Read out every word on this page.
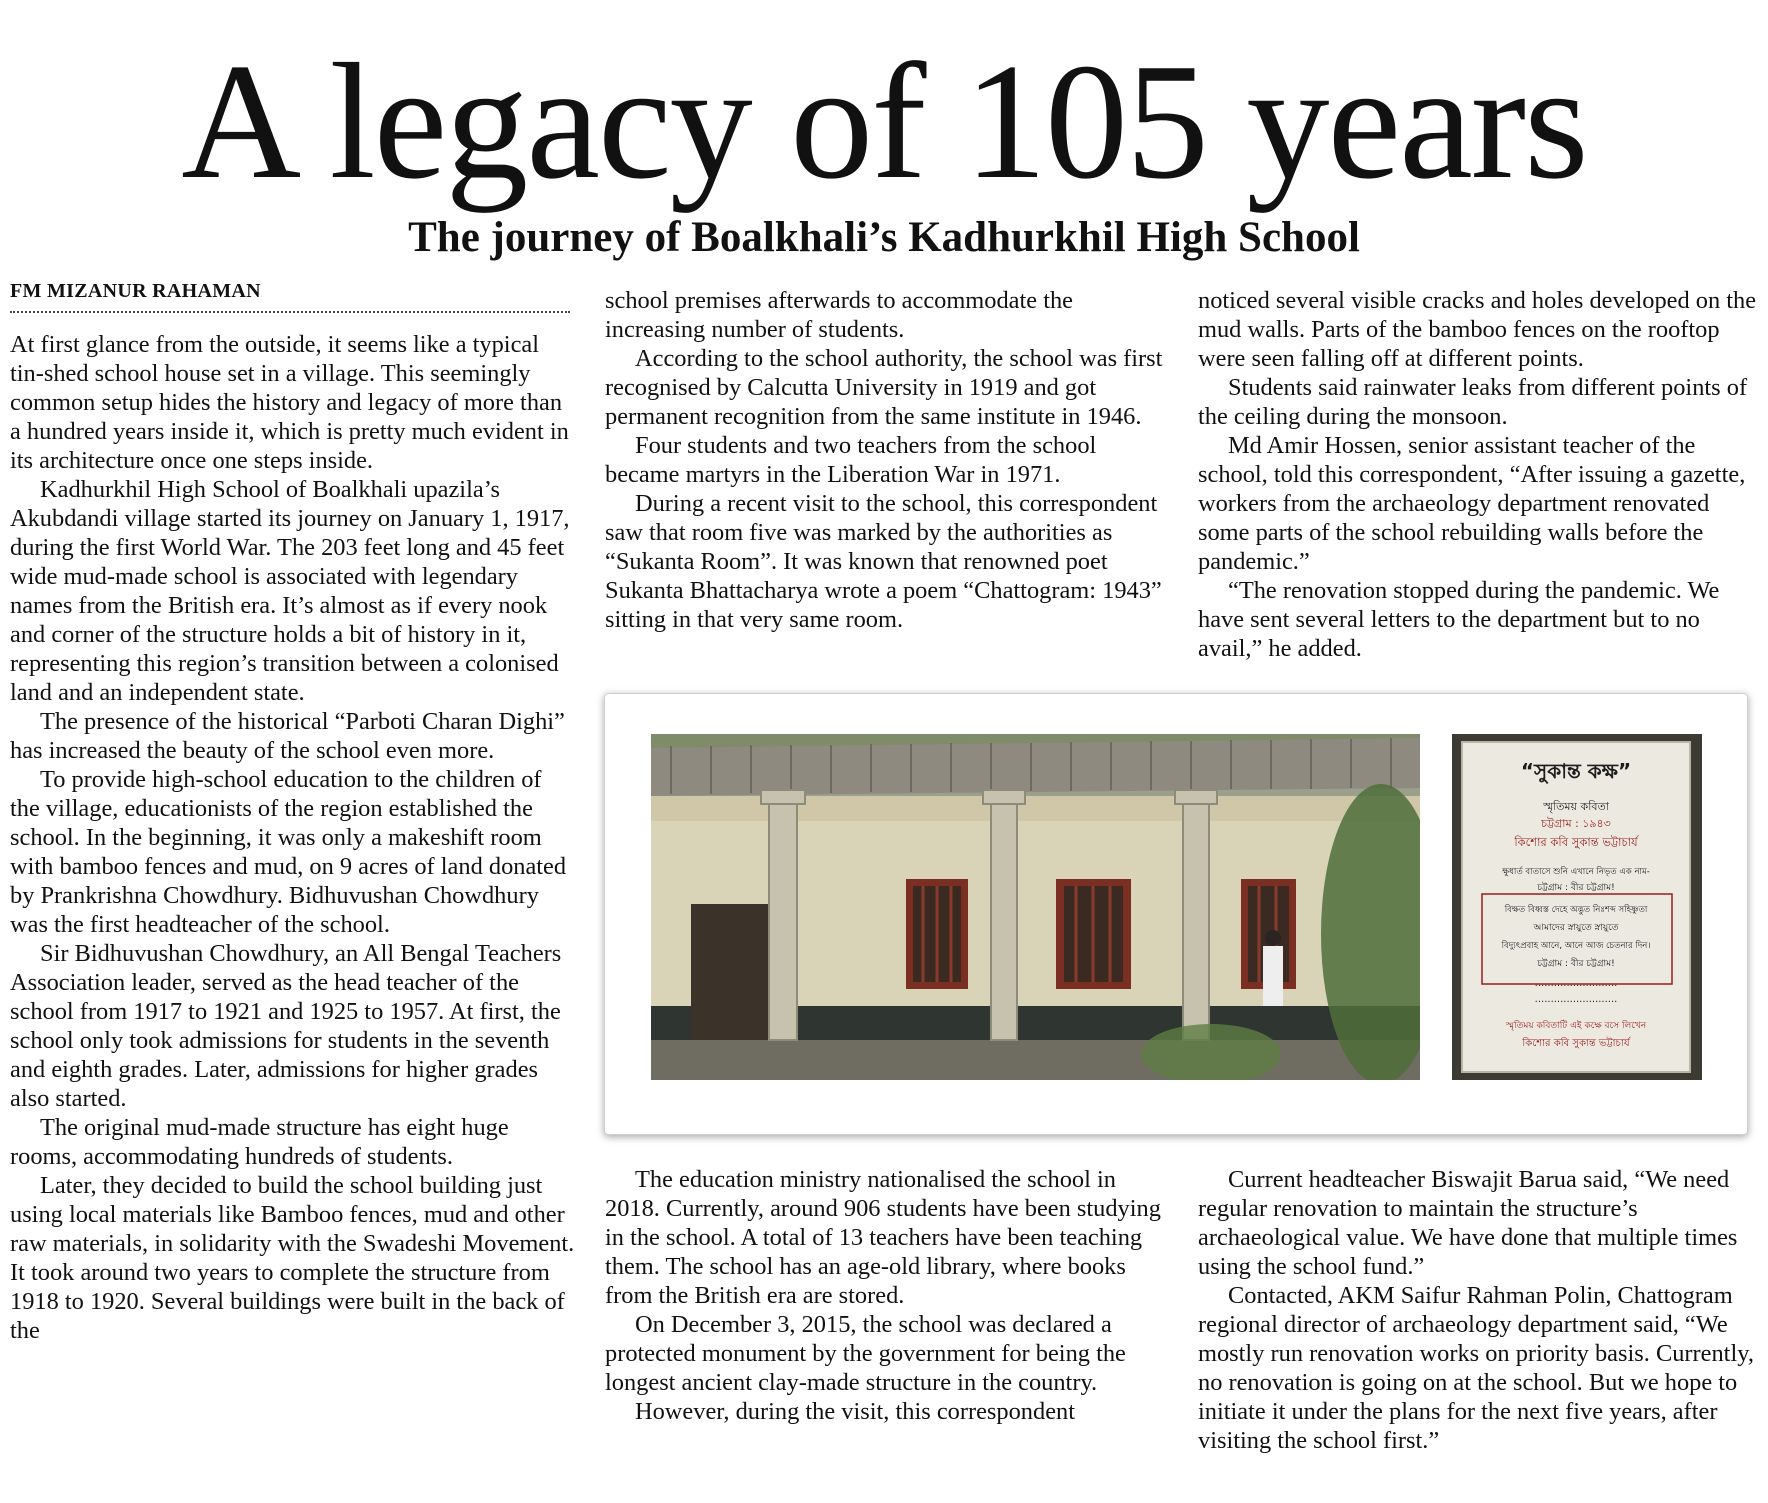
A legacy of 105 years
The journey of Boalkhali’s Kadhurkhil High School
FM MIZANUR RAHAMAN

At first glance from the outside, it seems like a typical tin-shed school house set in a village. This seemingly common setup hides the history and legacy of more than a hundred years inside it, which is pretty much evident in its architecture once one steps inside.

Kadhurkhil High School of Boalkhali upazila’s Akubdandi village started its journey on January 1, 1917, during the first World War. The 203 feet long and 45 feet wide mud-made school is associated with legendary names from the British era. It’s almost as if every nook and corner of the structure holds a bit of history in it, representing this region’s transition between a colonised land and an independent state.

The presence of the historical “Parboti Charan Dighi” has increased the beauty of the school even more.

To provide high-school education to the children of the village, educationists of the region established the school. In the beginning, it was only a makeshift room with bamboo fences and mud, on 9 acres of land donated by Prankrishna Chowdhury. Bidhuvushan Chowdhury was the first headteacher of the school.

Sir Bidhuvushan Chowdhury, an All Bengal Teachers Association leader, served as the head teacher of the school from 1917 to 1921 and 1925 to 1957. At first, the school only took admissions for students in the seventh and eighth grades. Later, admissions for higher grades also started.

The original mud-made structure has eight huge rooms, accommodating hundreds of students.

Later, they decided to build the school building just using local materials like Bamboo fences, mud and other raw materials, in solidarity with the Swadeshi Movement. It took around two years to complete the structure from 1918 to 1920. Several buildings were built in the back of the

school premises afterwards to accommodate the increasing number of students.

According to the school authority, the school was first recognised by Calcutta University in 1919 and got permanent recognition from the same institute in 1946.

Four students and two teachers from the school became martyrs in the Liberation War in 1971.

During a recent visit to the school, this correspondent saw that room five was marked by the authorities as “Sukanta Room”. It was known that renowned poet Sukanta Bhattacharya wrote a poem “Chattogram: 1943” sitting in that very same room.

noticed several visible cracks and holes developed on the mud walls. Parts of the bamboo fences on the rooftop were seen falling off at different points.

Students said rainwater leaks from different points of the ceiling during the monsoon.

Md Amir Hossen, senior assistant teacher of the school, told this correspondent, “After issuing a gazette, workers from the archaeology department renovated some parts of the school rebuilding walls before the pandemic.”

“The renovation stopped during the pandemic. We have sent several letters to the department but to no avail,” he added.

“সুকান্ত কক্ষ”
স্মৃতিময় কবিতা
চট্টগ্রাম : ১৯৪৩
কিশোর কবি সুকান্ত ভট্টাচার্য
ক্ষুধার্ত বাতাসে শুনি এখানে নিভৃত এক নাম-
চট্টগ্রাম : বীর চট্টগ্রাম!
বিক্ষত বিধ্বস্ত দেহে অদ্ভুত নিঃশব্দ সহিষ্ণুতা
আমাদের স্নায়ুতে স্নায়ুতে
বিদ্যুৎপ্রবাহ আনে, আনে আজ চেতনার দিন।
চট্টগ্রাম : বীর চট্টগ্রাম!
..........................
..........................
স্মৃতিময় কবিতাটি এই কক্ষে বসে লিখেন
কিশোর কবি সুকান্ত ভট্টাচার্য

The education ministry nationalised the school in 2018. Currently, around 906 students have been studying in the school. A total of 13 teachers have been teaching them. The school has an age-old library, where books from the British era are stored.

On December 3, 2015, the school was declared a protected monument by the government for being the longest ancient clay-made structure in the country.

However, during the visit, this correspondent

Current headteacher Biswajit Barua said, “We need regular renovation to maintain the structure’s archaeological value. We have done that multiple times using the school fund.”

Contacted, AKM Saifur Rahman Polin, Chattogram regional director of archaeology department said, “We mostly run renovation works on priority basis. Currently, no renovation is going on at the school. But we hope to initiate it under the plans for the next five years, after visiting the school first.”
